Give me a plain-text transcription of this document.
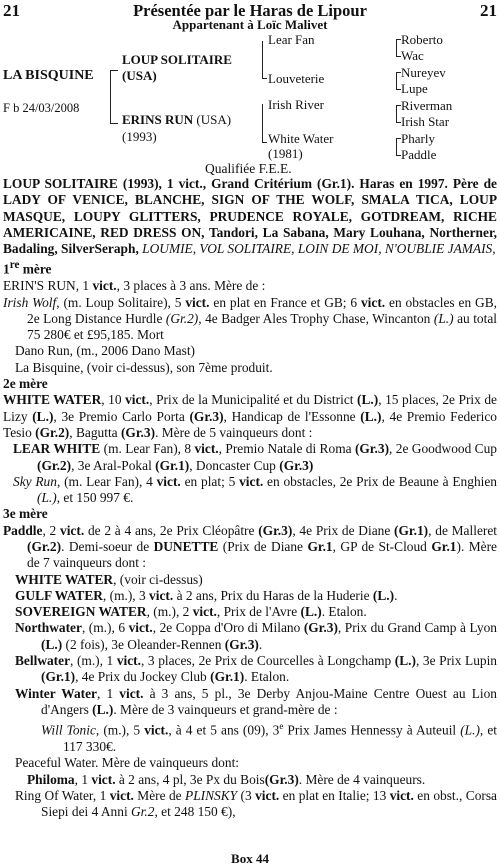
21	Présentée par le Haras de Lipour	21
Appartenant à Loïc Malivet
LA BISQUINE
F b 24/03/2008
LOUP SOLITAIRE
(USA)
ERINS RUN (USA)
(1993)
Lear Fan
Louveterie
Irish River
White Water
(1981)
Roberto
Wac
Nureyev
Lupe
Riverman
Irish Star
Pharly
Paddle
Qualifiée F.E.E.

LOUP SOLITAIRE (1993), 1 vict., Grand Critérium (Gr.1). Haras en 1997. Père de LADY OF VENICE, BLANCHE, SIGN OF THE WOLF, SMALA TICA, LOUP MASQUE, LOUPY GLITTERS, PRUDENCE ROYALE, GOTDREAM, RICHE AMERICAINE, RED DRESS ON, Tandori, La Sabana, Mary Louhana, Northerner, Badaling, SilverSeraph, LOUMIE, VOL SOLITAIRE, LOIN DE MOI, N'OUBLIE JAMAIS,

1re mère

ERIN'S RUN, 1 vict., 3 places à 3 ans. Mère de :

Irish Wolf, (m. Loup Solitaire), 5 vict. en plat en France et GB; 6 vict. en obstacles en GB, 2e Long Distance Hurdle (Gr.2), 4e Badger Ales Trophy Chase, Wincanton (L.) au total 75 280€ et £95,185. Mort

Dano Run, (m., 2006 Dano Mast)

La Bisquine, (voir ci-dessus), son 7ème produit.

2e mère

WHITE WATER, 10 vict., Prix de la Municipalité et du District (L.), 15 places, 2e Prix de Lizy (L.), 3e Premio Carlo Porta (Gr.3), Handicap de l'Essonne (L.), 4e Premio Federico Tesio (Gr.2), Bagutta (Gr.3). Mère de 5 vainqueurs dont :

LEAR WHITE (m. Lear Fan), 8 vict., Premio Natale di Roma (Gr.3), 2e Goodwood Cup (Gr.2), 3e Aral-Pokal (Gr.1), Doncaster Cup (Gr.3)

Sky Run, (m. Lear Fan), 4 vict. en plat; 5 vict. en obstacles, 2e Prix de Beaune à Enghien (L.), et 150 997 €.

3e mère

Paddle, 2 vict. de 2 à 4 ans, 2e Prix Cléopâtre (Gr.3), 4e Prix de Diane (Gr.1), de Malleret (Gr.2). Demi-soeur de DUNETTE (Prix de Diane Gr.1, GP de St-Cloud Gr.1). Mère de 7 vainqueurs dont :

WHITE WATER, (voir ci-dessus)

GULF WATER, (m.), 3 vict. à 2 ans, Prix du Haras de la Huderie (L.).

SOVEREIGN WATER, (m.), 2 vict., Prix de l'Avre (L.). Etalon.

Northwater, (m.), 6 vict., 2e Coppa d'Oro di Milano (Gr.3), Prix du Grand Camp à Lyon (L.) (2 fois), 3e Oleander-Rennen (Gr.3).

Bellwater, (m.), 1 vict., 3 places, 2e Prix de Courcelles à Longchamp (L.), 3e Prix Lupin (Gr.1), 4e Prix du Jockey Club (Gr.1). Etalon.

Winter Water, 1 vict. à 3 ans, 5 pl., 3e Derby Anjou-Maine Centre Ouest au Lion d'Angers (L.). Mère de 3 vainqueurs et grand-mère de :

Will Tonic, (m.), 5 vict., à 4 et 5 ans (09), 3e Prix James Hennessy à Auteuil (L.), et 117 330€.

Peaceful Water. Mère de vainqueurs dont:

Philoma, 1 vict. à 2 ans, 4 pl, 3e Px du Bois(Gr.3). Mère de 4 vainqueurs.

Ring Of Water, 1 vict. Mère de PLINSKY (3 vict. en plat en Italie; 13 vict. en obst., Corsa Siepi dei 4 Anni Gr.2, et 248 150 €),

Box 44
